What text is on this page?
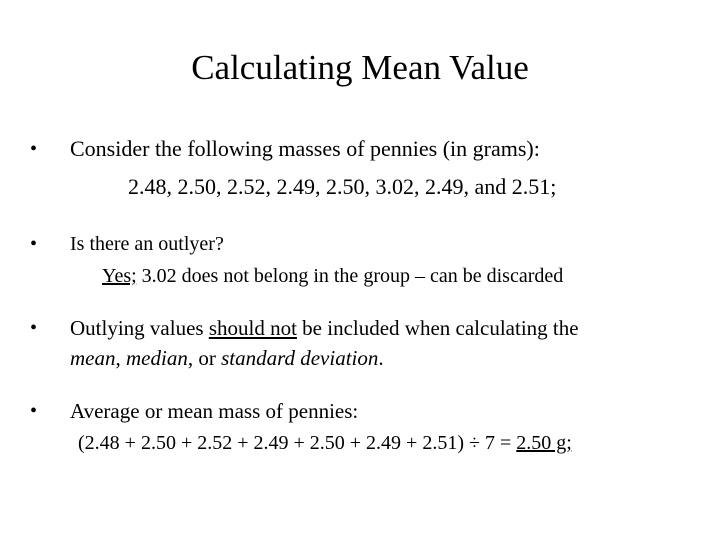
Calculating Mean Value
•	Consider the following masses of pennies (in grams):
2.48, 2.50, 2.52, 2.49, 2.50, 3.02, 2.49, and 2.51;
•	Is there an outlyer?
Yes; 3.02 does not belong in the group – can be discarded
•	Outlying values should not be included when calculating the
mean, median, or standard deviation.
•	Average or mean mass of pennies:
(2.48 + 2.50 + 2.52 + 2.49 + 2.50 + 2.49 + 2.51) ÷ 7 = 2.50 g;
